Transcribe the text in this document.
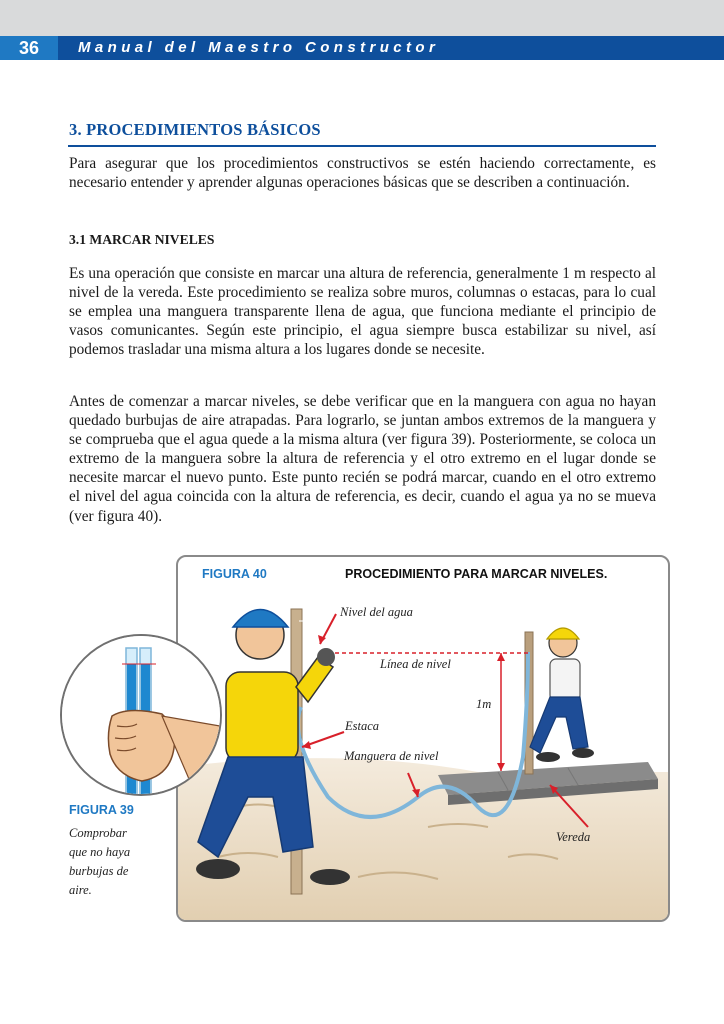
36	Manual del Maestro Constructor
3. PROCEDIMIENTOS BÁSICOS

Para asegurar que los procedimientos constructivos se estén haciendo correctamente, es necesario entender y aprender algunas operaciones básicas que se describen a continuación.

3.1 MARCAR NIVELES

Es una operación que consiste en marcar una altura de referencia, generalmente 1 m respecto al nivel de la vereda. Este procedimiento se realiza sobre muros, columnas o estacas, para lo cual se emplea una manguera transparente llena de agua, que funciona mediante el principio de vasos comunicantes. Según este principio, el agua siempre busca estabilizar su nivel, así podemos trasladar una misma altura a los lugares donde se necesite.

Antes de comenzar a marcar niveles, se debe verificar que en la manguera con agua no hayan quedado burbujas de aire atrapadas. Para lograrlo, se juntan ambos extremos de la manguera y se comprueba que el agua quede a la misma altura (ver figura 39). Posteriormente, se coloca un extremo de la manguera sobre la altura de referencia y el otro extremo en el lugar donde se necesite marcar el nuevo punto. Este punto recién se podrá marcar, cuando en el otro extremo el nivel del agua coincida con la altura de referencia, es decir, cuando el agua ya no se mueva (ver figura 40).

FIGURA 40	PROCEDIMIENTO PARA MARCAR NIVELES.
Nivel del agua
Línea de nivel
1m
Estaca
Manguera de nivel
Vereda
FIGURA 39
Comprobar
que no haya
burbujas de
aire.
